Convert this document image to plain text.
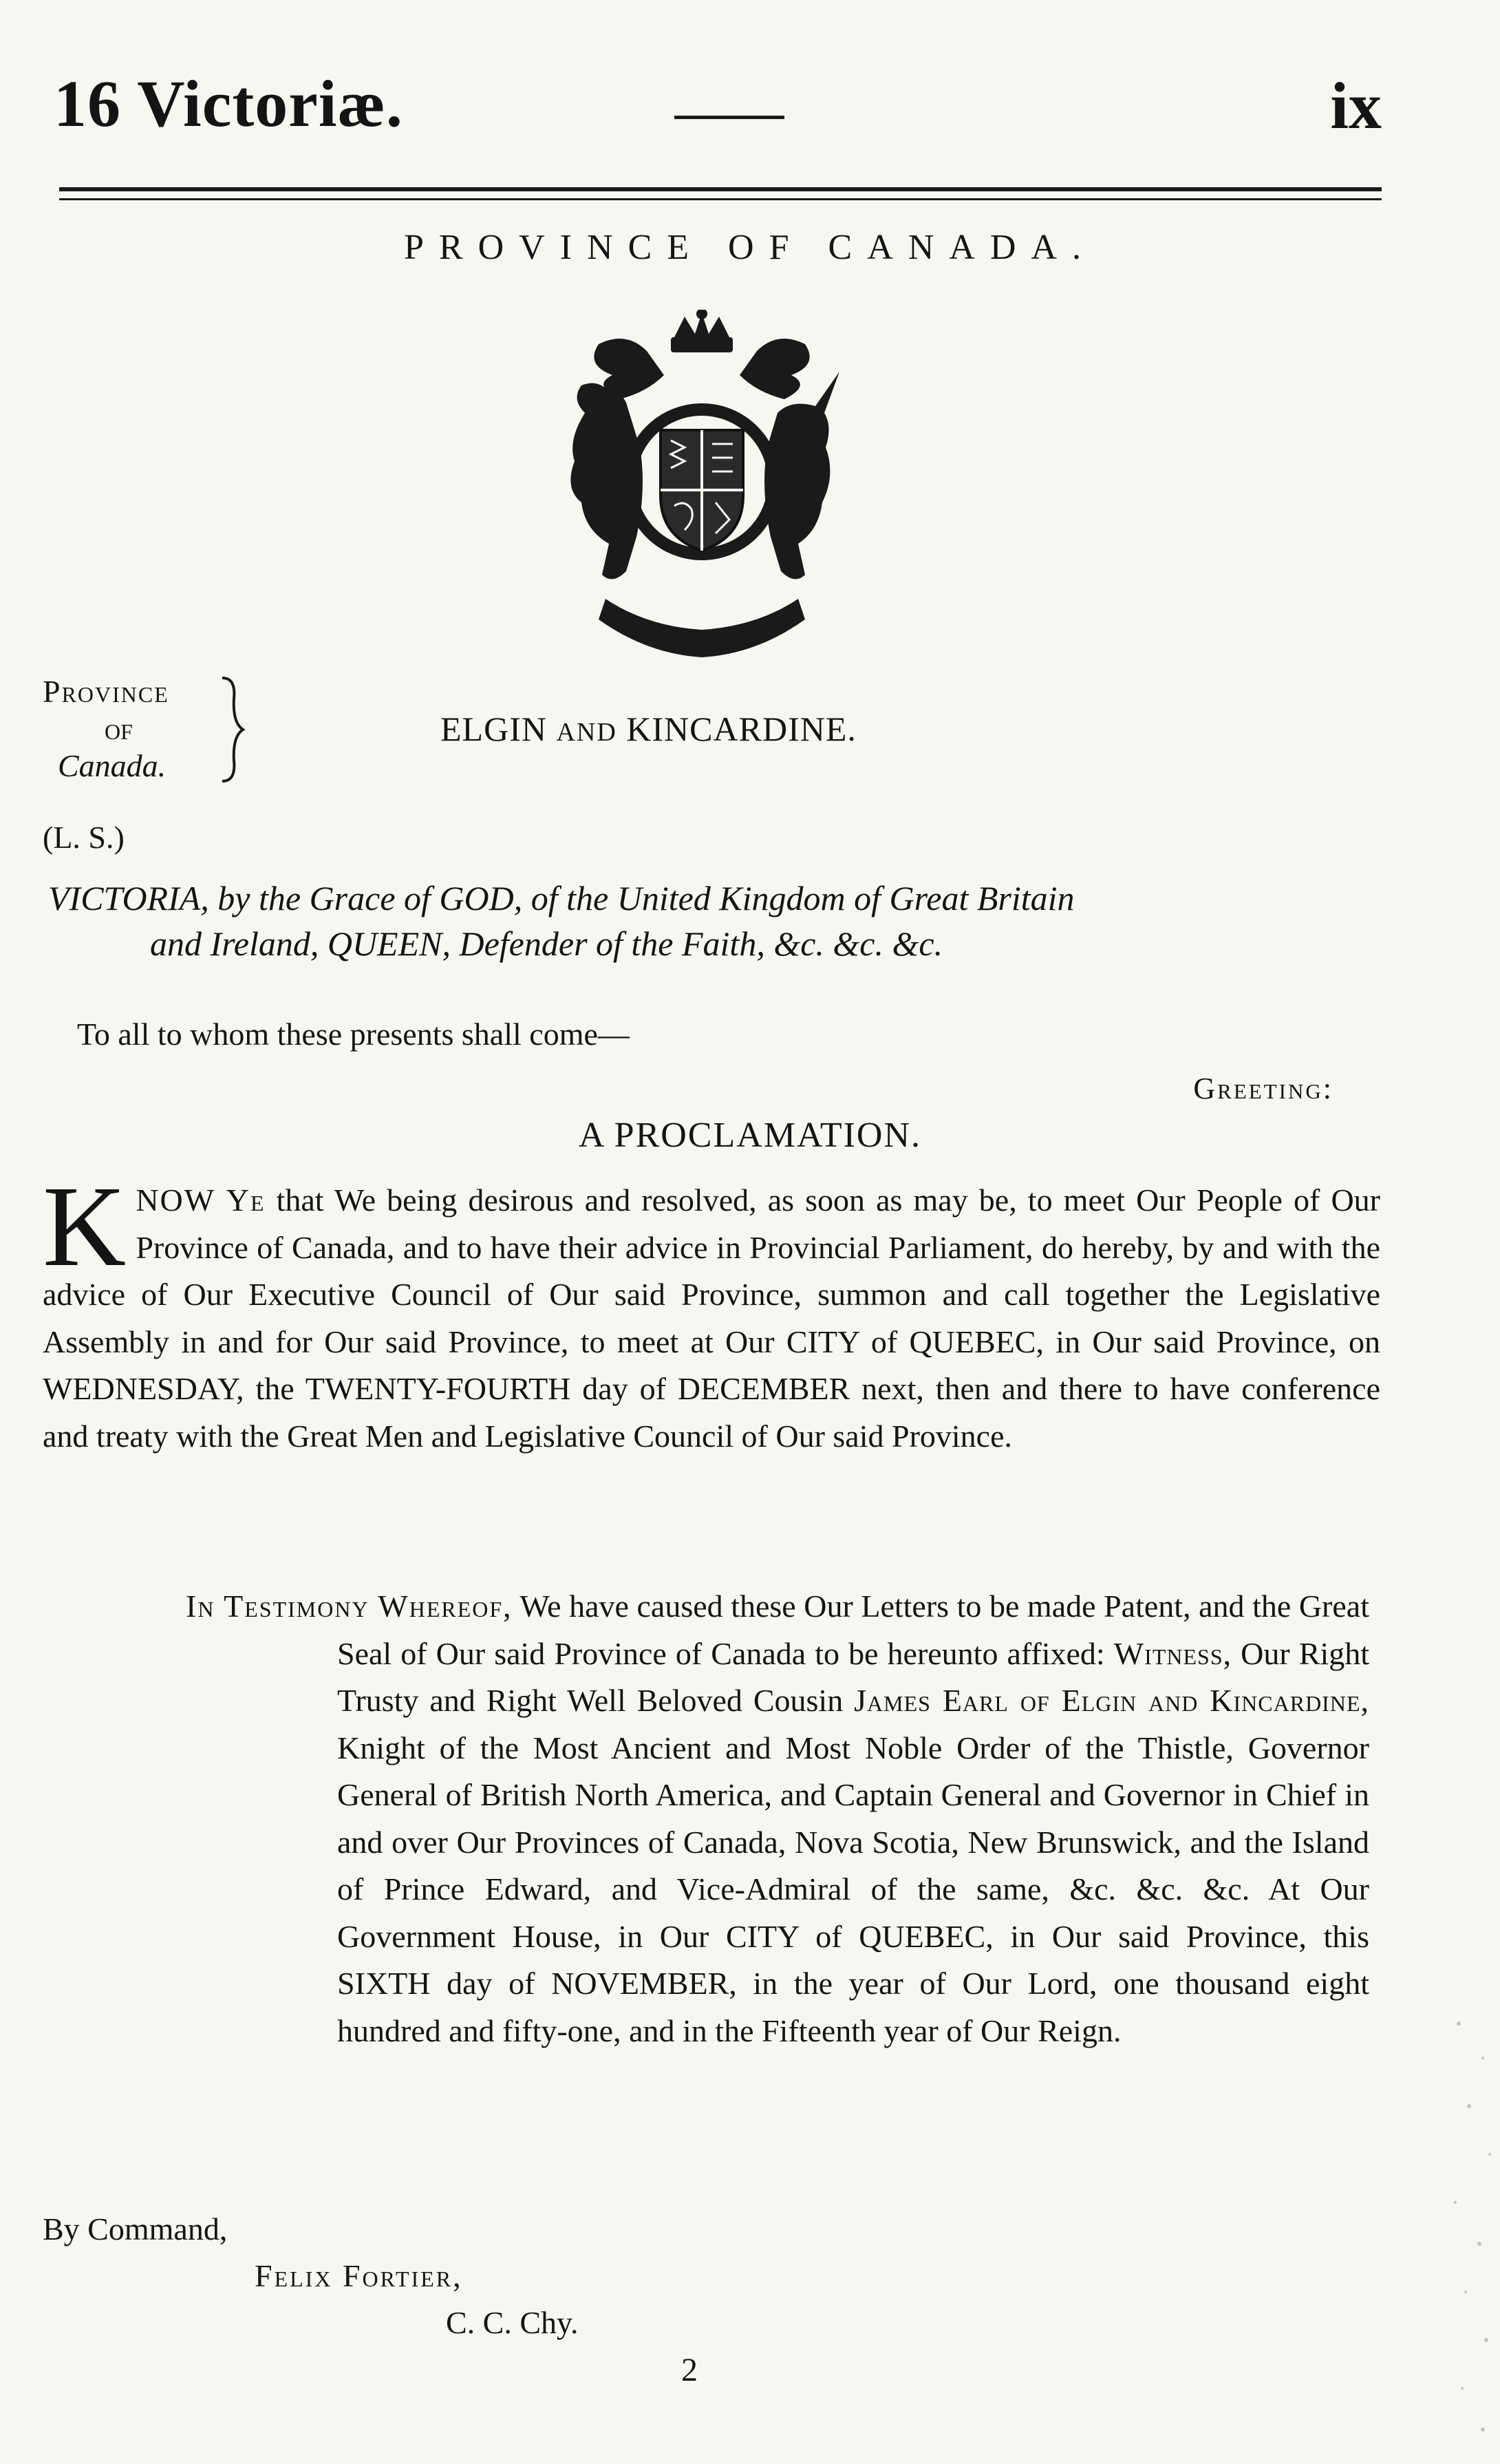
16 Victoriæ.	ix
PROVINCE OF CANADA.
Province
of
Canada.
ELGIN AND KINCARDINE.
(L. S.)
VICTORIA, by the Grace of GOD, of the United Kingdom of Great Britain
and Ireland, QUEEN, Defender of the Faith, &c. &c. &c.
To all to whom these presents shall come—
Greeting:
A PROCLAMATION.
KNOW Ye that We being desirous and resolved, as soon as may be, to meet Our People of Our Province of Canada, and to have their advice in Provincial Parliament, do hereby, by and with the advice of Our Executive Council of Our said Province, summon and call together the Legislative Assembly in and for Our said Province, to meet at Our CITY of QUEBEC, in Our said Province, on WEDNESDAY, the TWENTY-FOURTH day of DECEMBER next, then and there to have conference and treaty with the Great Men and Legislative Council of Our said Province.
In Testimony Whereof, We have caused these Our Letters to be made Patent, and the Great Seal of Our said Province of Canada to be hereunto affixed: Witness, Our Right Trusty and Right Well Beloved Cousin James Earl of Elgin and Kincardine, Knight of the Most Ancient and Most Noble Order of the Thistle, Governor General of British North America, and Captain General and Governor in Chief in and over Our Provinces of Canada, Nova Scotia, New Brunswick, and the Island of Prince Edward, and Vice-Admiral of the same, &c. &c. &c. At Our Government House, in Our CITY of QUEBEC, in Our said Province, this SIXTH day of NOVEMBER, in the year of Our Lord, one thousand eight hundred and fifty-one, and in the Fifteenth year of Our Reign.
By Command,
Felix Fortier,
C. C. Chy.
2
